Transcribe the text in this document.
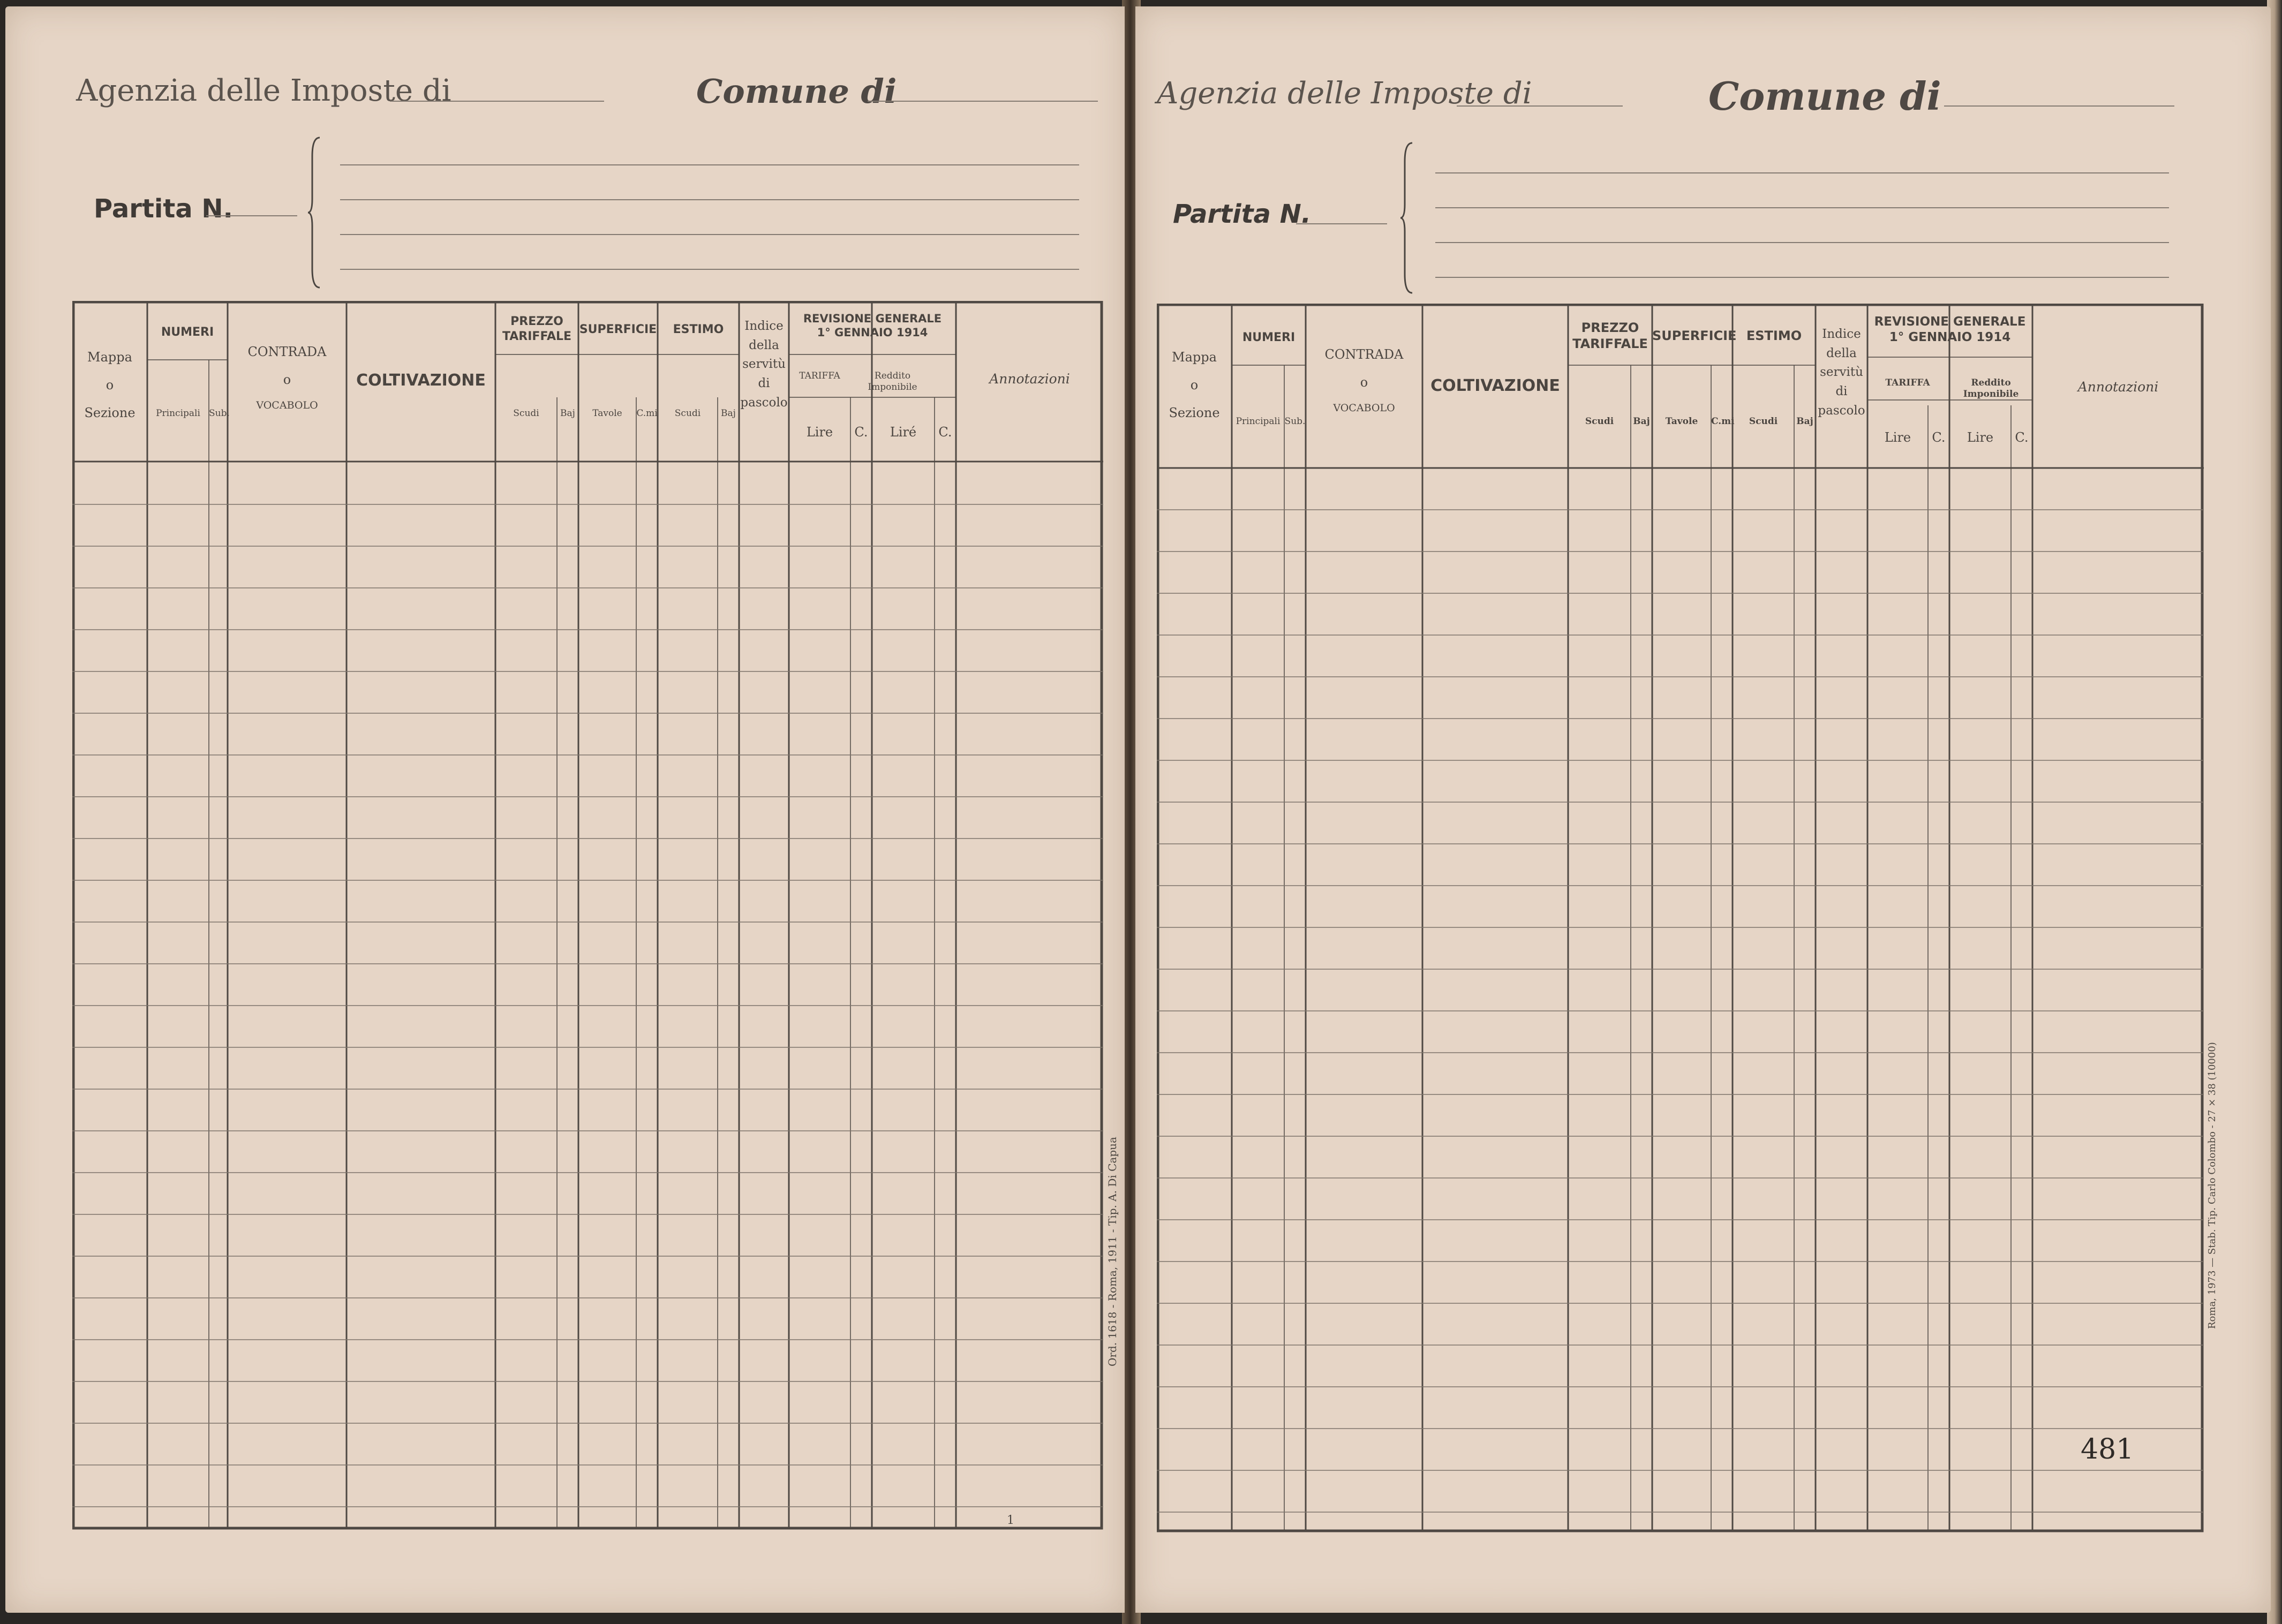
Agenzia delle Imposte di	Comune di
Partita N.
Mappa
o
Sezione
NUMERI
Principali Sub.
CONTRADA
o
VOCABOLO
COLTIVAZIONE
PREZZO
TARIFFALE
Scudi	Baj
SUPERFICIE
Tavole	C.mi
ESTIMO
Scudi	Baj
Indice
della
servitù
di
pascolo
REVISIONE GENERALE
1° GENNAIO 1914
TARIFFA	Reddito Imponibile
Lire	C.	Liré	C.
Annotazioni
Ord. 1618 - Roma, 1911 - Tip. A. Di Capua
1
Agenzia delle Imposte di	Comune di
Partita N.
Mappa
o
Sezione
NUMERI
Principali Sub.
CONTRADA
o
VOCABOLO
COLTIVAZIONE
PREZZO
TARIFFALE
Scudi	Baj
SUPERFICIE
Tavole	C.mi
ESTIMO
Scudi	Baj
Indice
della
servitù
di
pascolo
REVISIONE GENERALE
1° GENNAIO 1914
TARIFFA	Reddito Imponibile
Lire	C.	Lire	C.
Annotazioni
481
Roma, 1973 — Stab. Tip. Carlo Colombo - 27 × 38 (10000)
